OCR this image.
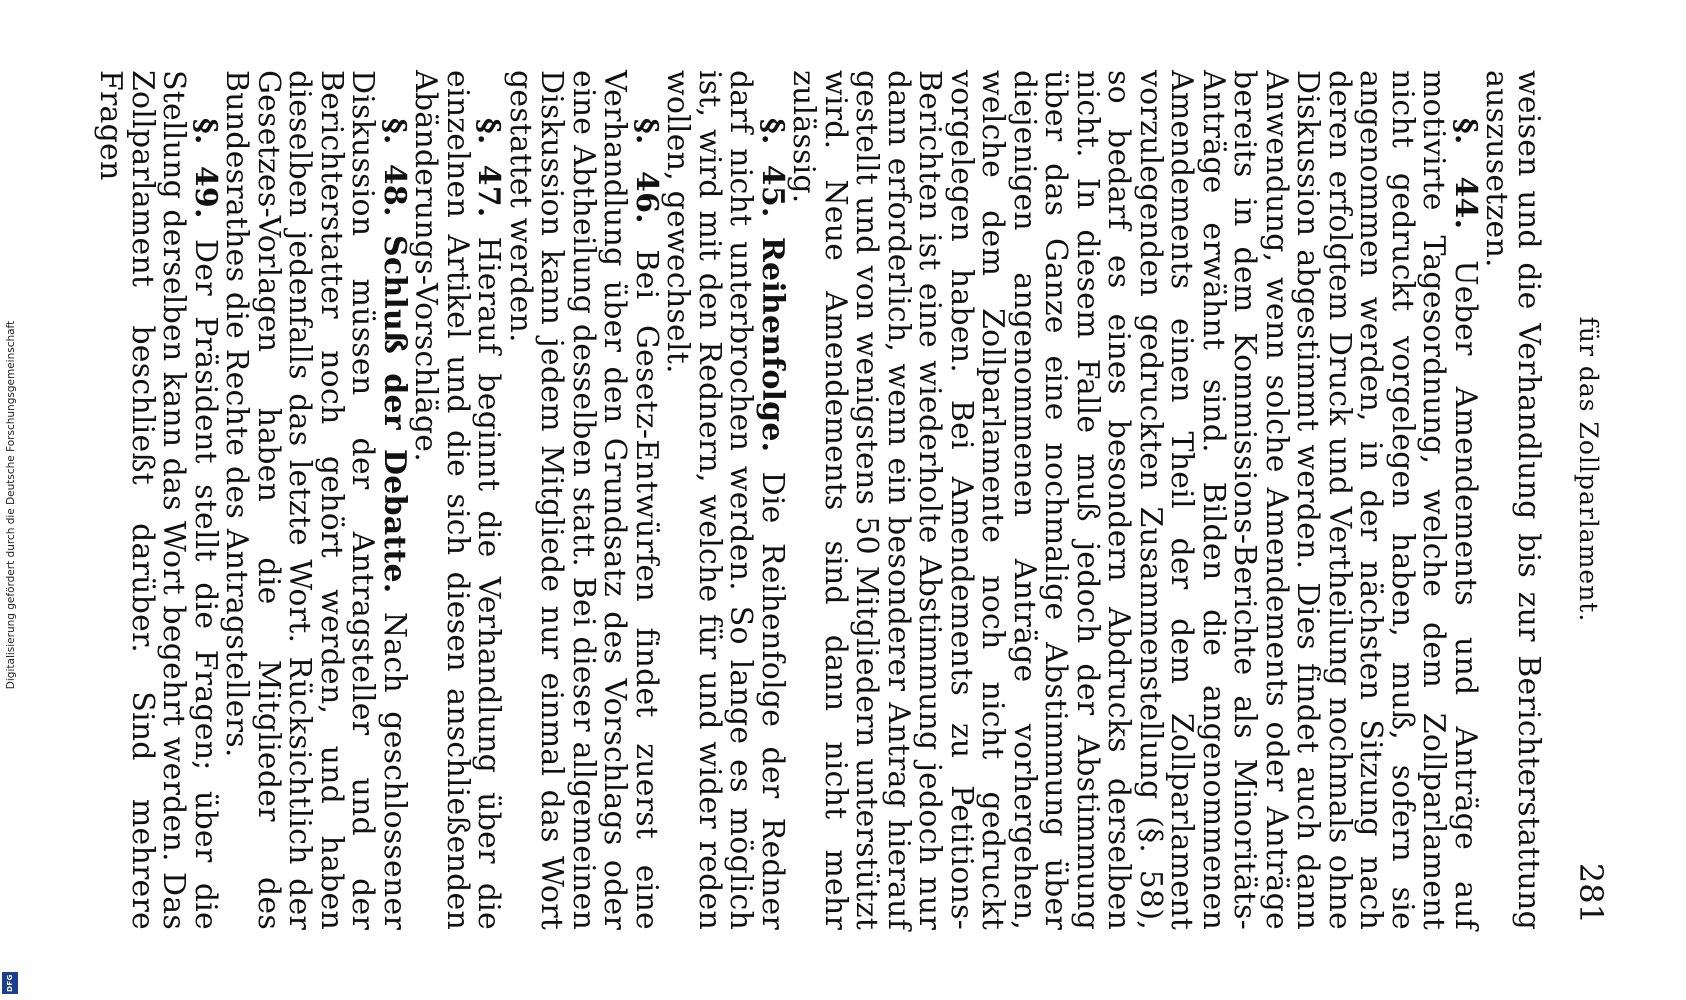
Digitalisierung gefördert durch die Deutsche Forschungsgemeinschaft
DFG
für das Zollparlament.
281

weisen und die Verhandlung bis zur Berichterstattung auszusetzen.

§. 44. Ueber Amendements und Anträge auf motivirte Tagesordnung, welche dem Zollparlament nicht gedruckt vorgelegen haben, muß, sofern sie angenommen werden, in der nächsten Sitzung nach deren erfolgtem Druck und Vertheilung nochmals ohne Diskussion abgestimmt werden. Dies findet auch dann Anwendung, wenn solche Amendements oder Anträge bereits in dem Kommissions-Berichte als Minoritäts-Anträge erwähnt sind. Bilden die angenommenen Amendements einen Theil der dem Zollparlament vorzulegenden gedruckten Zusammenstellung (§. 58), so bedarf es eines besondern Abdrucks derselben nicht. In diesem Falle muß jedoch der Abstimmung über das Ganze eine nochmalige Abstimmung über diejenigen angenommenen Anträge vorhergehen, welche dem Zollparlamente noch nicht gedruckt vorgelegen haben. Bei Amendements zu Petitions-Berichten ist eine wiederholte Abstimmung jedoch nur dann erforderlich, wenn ein besonderer Antrag hierauf gestellt und von wenigstens 50 Mitgliedern unterstützt wird. Neue Amendements sind dann nicht mehr zulässig.

§. 45. Reihenfolge. Die Reihenfolge der Redner darf nicht unterbrochen werden. So lange es möglich ist, wird mit den Rednern, welche für und wider reden wollen, gewechselt.

§. 46. Bei Gesetz-Entwürfen findet zuerst eine Verhandlung über den Grundsatz des Vorschlags oder eine Abtheilung desselben statt. Bei dieser allgemeinen Diskussion kann jedem Mitgliede nur einmal das Wort gestattet werden.

§. 47. Hierauf beginnt die Verhandlung über die einzelnen Artikel und die sich diesen anschließenden Abänderungs-Vorschläge.

§. 48. Schluß der Debatte. Nach geschlossener Diskussion müssen der Antragsteller und der Berichterstatter noch gehört werden, und haben dieselben jedenfalls das letzte Wort. Rücksichtlich der Gesetzes-Vorlagen haben die Mitglieder des Bundesrathes die Rechte des Antragstellers.

§. 49. Der Präsident stellt die Fragen; über die Stellung derselben kann das Wort begehrt werden. Das Zollparlament beschließt darüber. Sind mehrere Fragen
